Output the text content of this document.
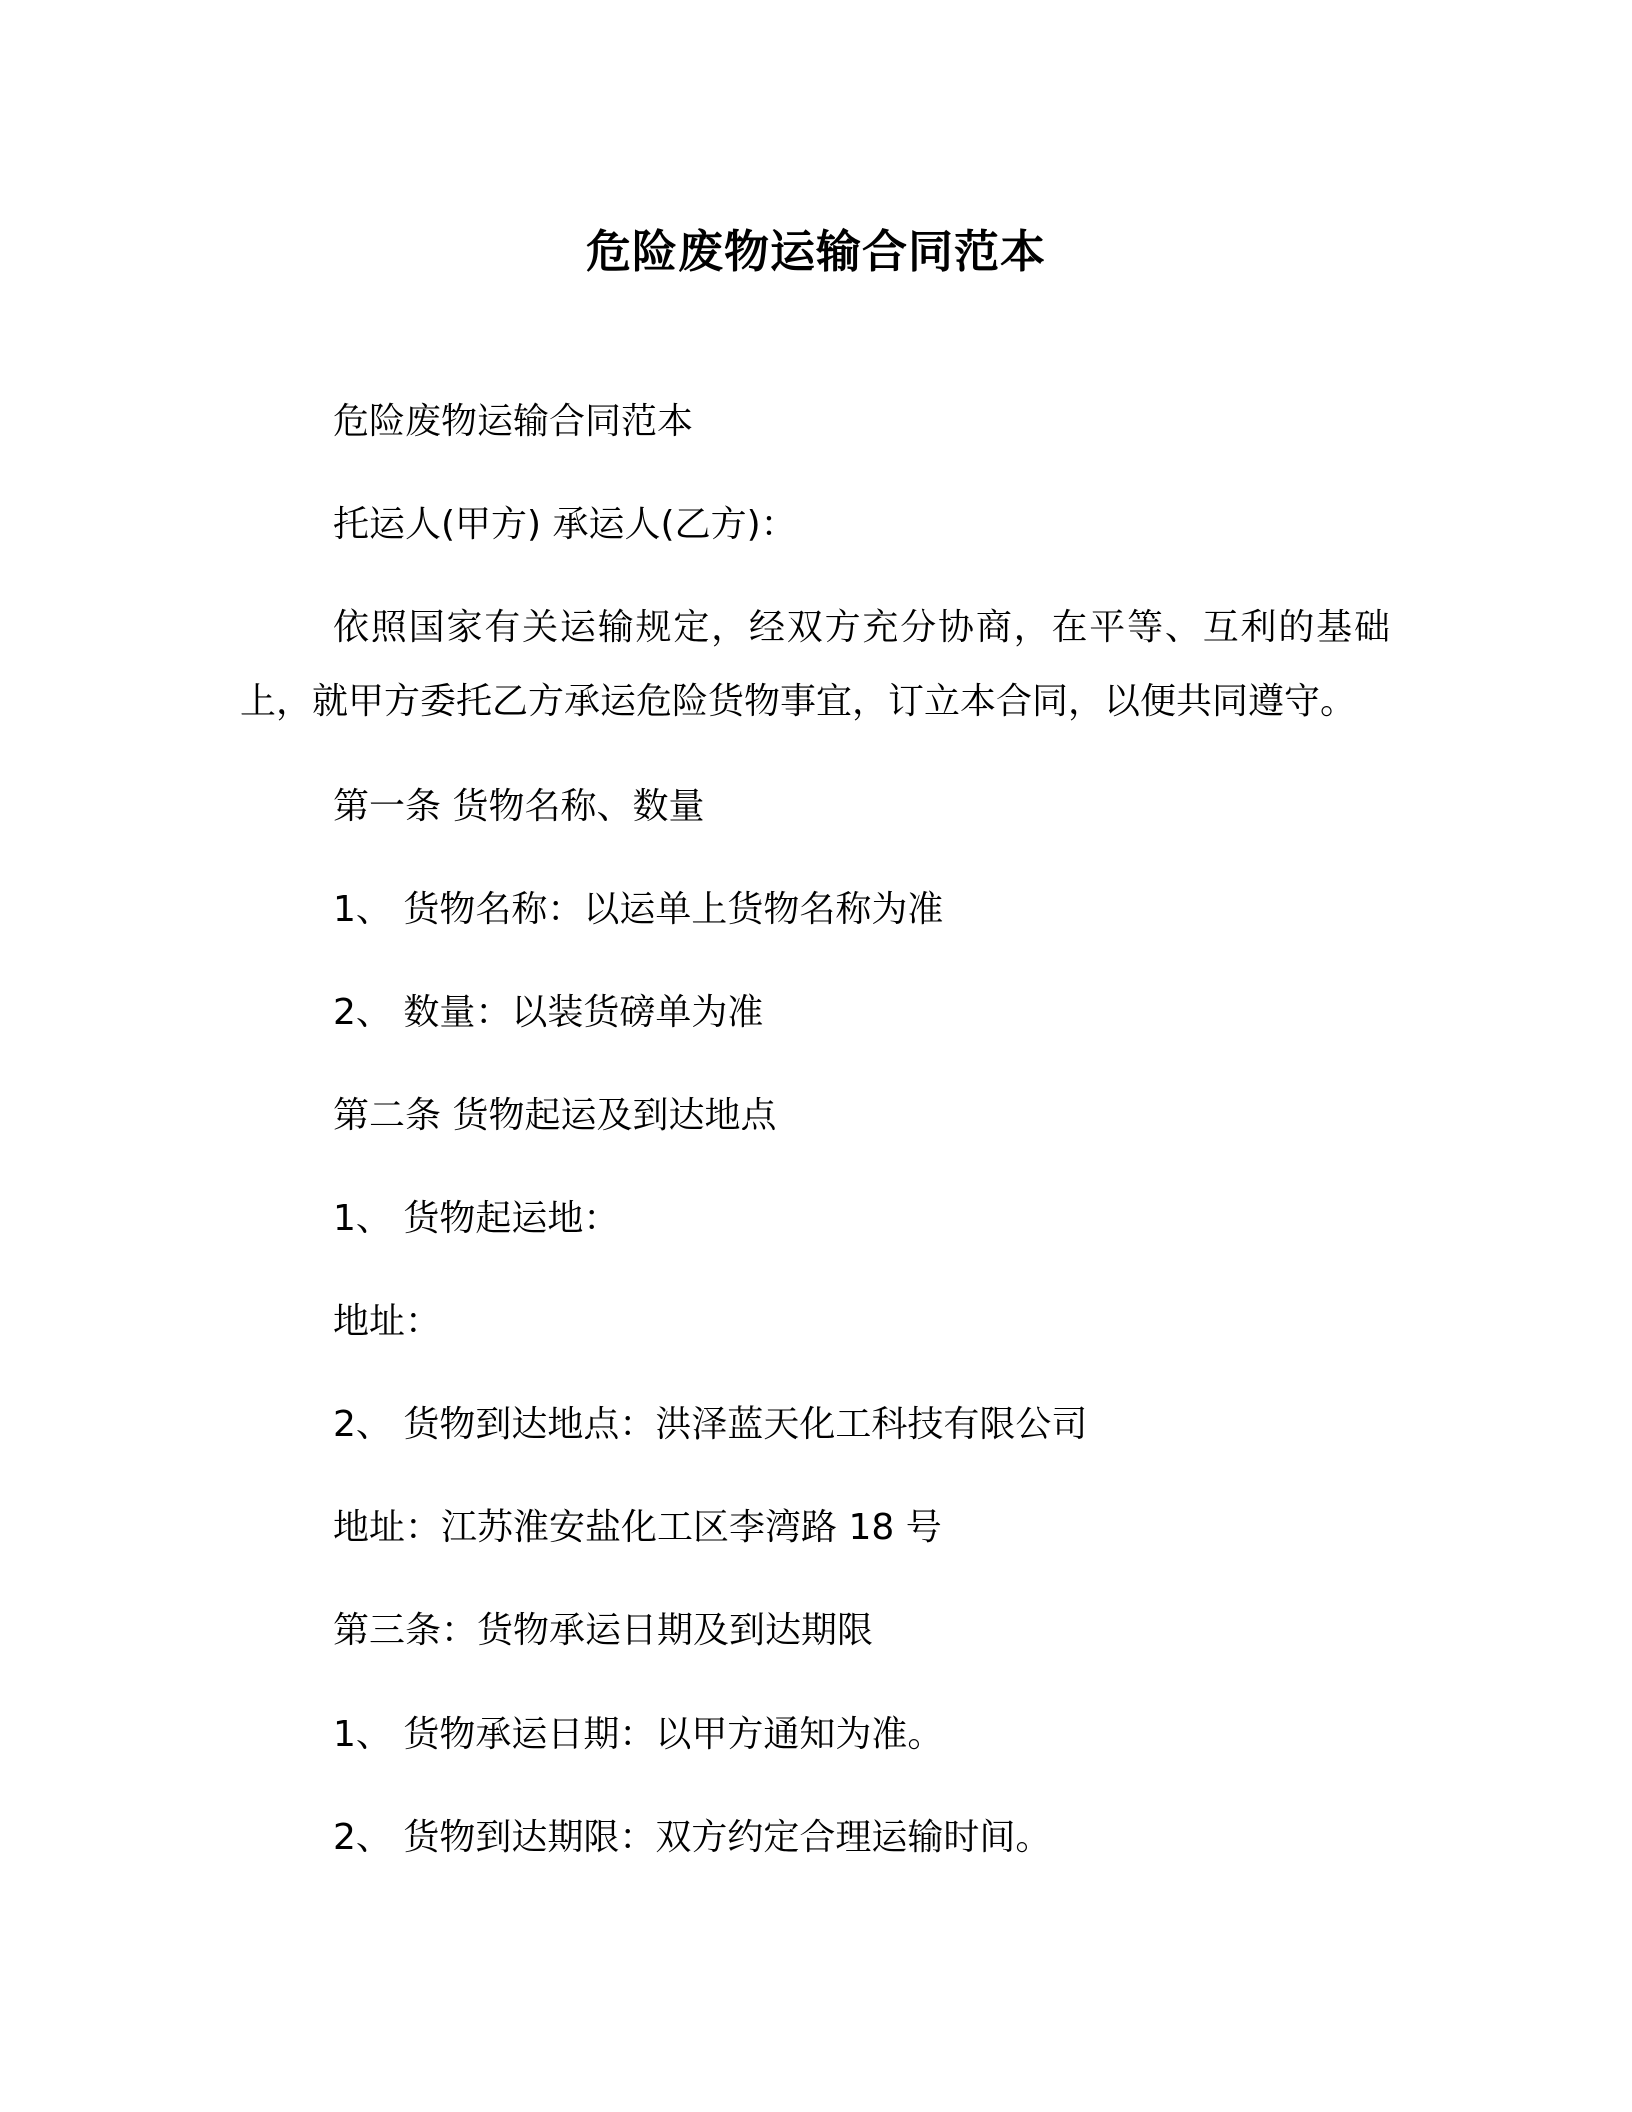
危险废物运输合同范本
危险废物运输合同范本
托运人(甲方) 承运人(乙方)：
依照国家有关运输规定，经双方充分协商，在平等、互利的基础上，就甲方委托乙方承运危险货物事宜，订立本合同，以便共同遵守。
第一条 货物名称、数量
1、 货物名称：以运单上货物名称为准
2、 数量：以装货磅单为准
第二条 货物起运及到达地点
1、 货物起运地：
地址：
2、 货物到达地点：洪泽蓝天化工科技有限公司
地址：江苏淮安盐化工区李湾路 18 号
第三条：货物承运日期及到达期限
1、 货物承运日期：以甲方通知为准。
2、 货物到达期限：双方约定合理运输时间。
